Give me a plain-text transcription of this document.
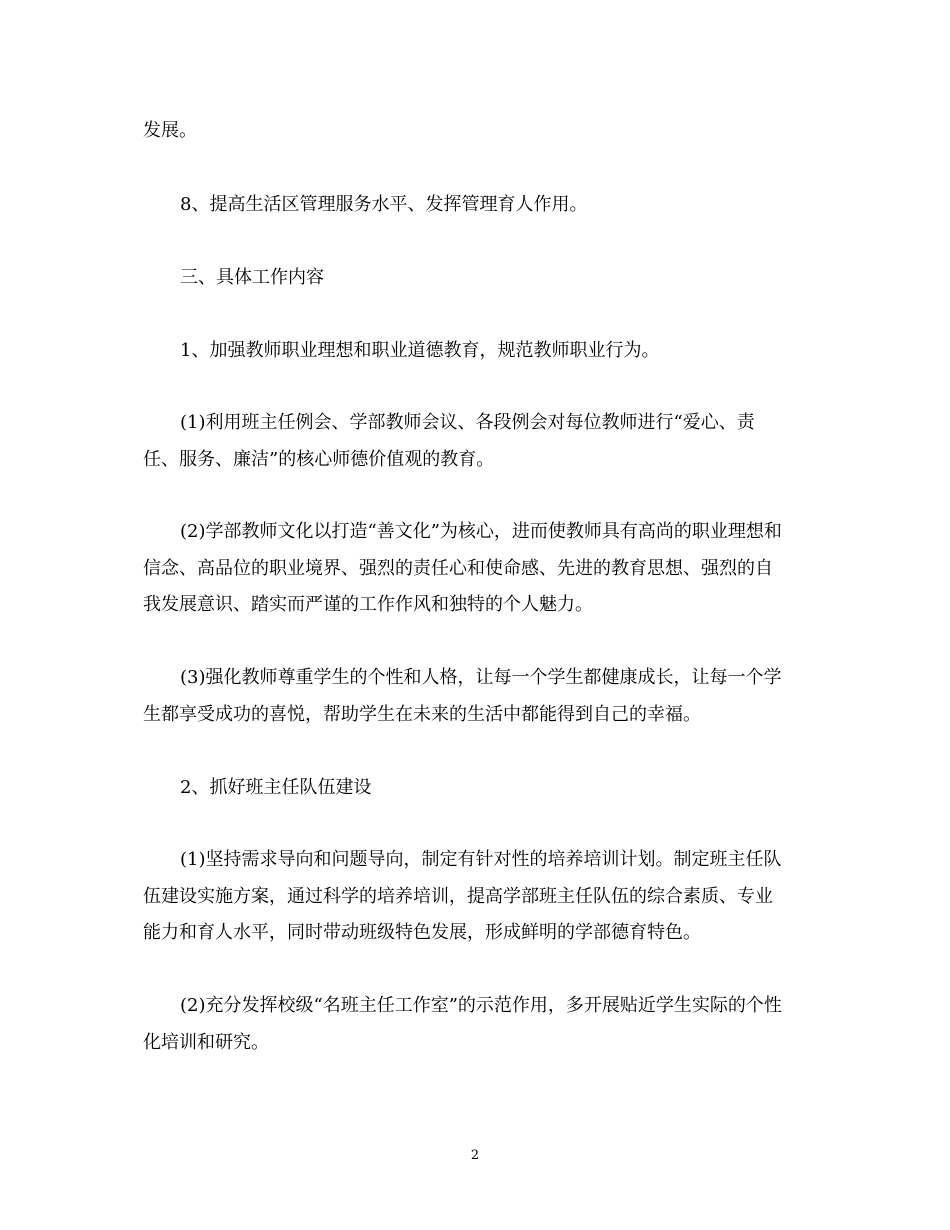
发展。
8、提高生活区管理服务水平、发挥管理育人作用。
三、具体工作内容
1、加强教师职业理想和职业道德教育，规范教师职业行为。
(1)利用班主任例会、学部教师会议、各段例会对每位教师进行“爱心、责
任、服务、廉洁”的核心师德价值观的教育。
(2)学部教师文化以打造“善文化”为核心，进而使教师具有高尚的职业理想和
信念、高品位的职业境界、强烈的责任心和使命感、先进的教育思想、强烈的自
我发展意识、踏实而严谨的工作作风和独特的个人魅力。
(3)强化教师尊重学生的个性和人格，让每一个学生都健康成长，让每一个学
生都享受成功的喜悦，帮助学生在未来的生活中都能得到自己的幸福。
2、抓好班主任队伍建设
(1)坚持需求导向和问题导向，制定有针对性的培养培训计划。制定班主任队
伍建设实施方案，通过科学的培养培训，提高学部班主任队伍的综合素质、专业
能力和育人水平，同时带动班级特色发展，形成鲜明的学部德育特色。
(2)充分发挥校级“名班主任工作室”的示范作用，多开展贴近学生实际的个性
化培训和研究。
2
